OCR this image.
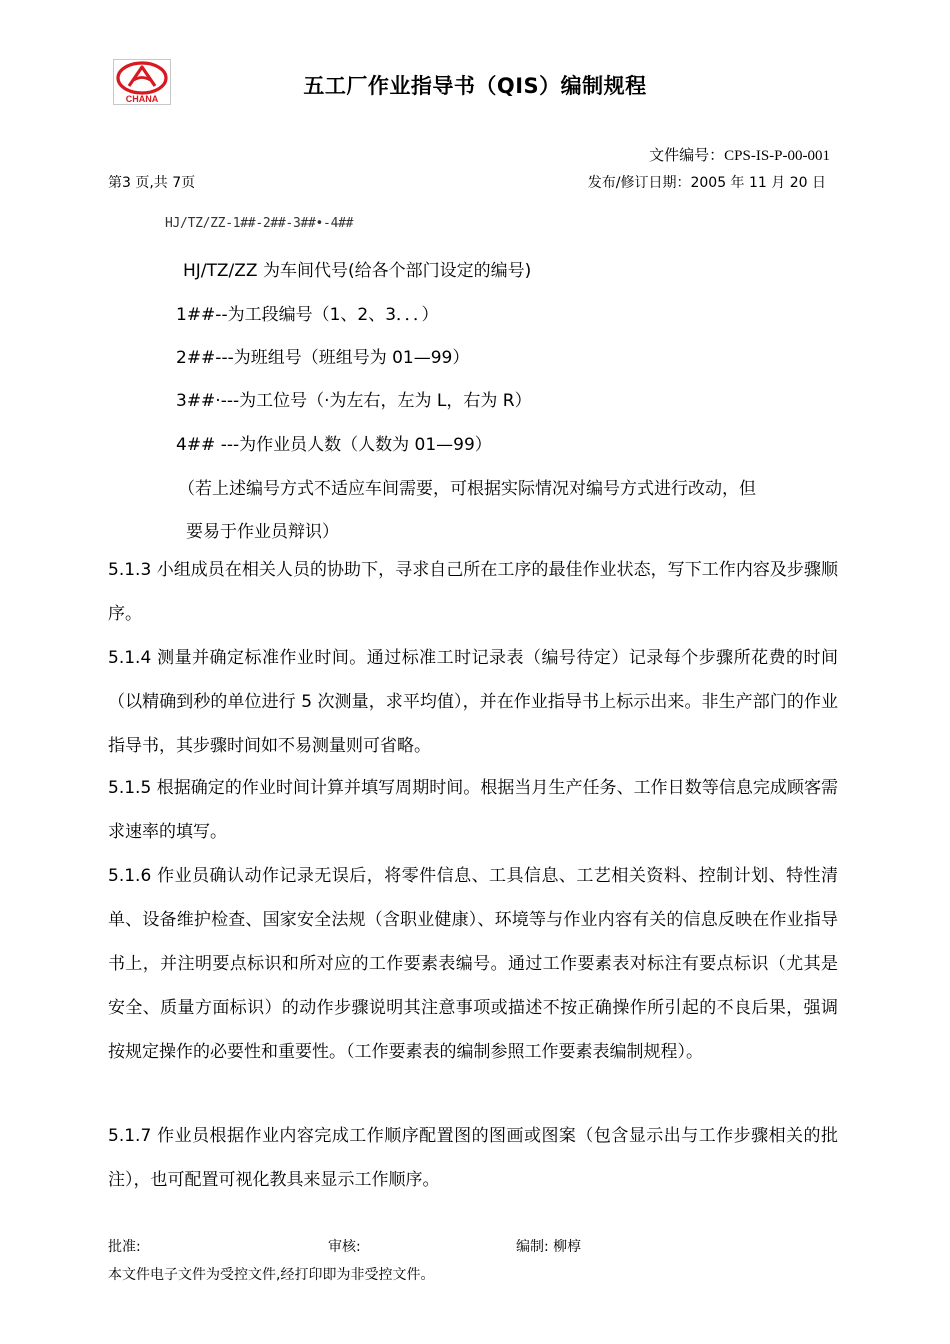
CHANA
五工厂作业指导书（QIS）编制规程
文件编号：CPS-IS-P-00-001
第3 页,共 7页	发布/修订日期：2005 年 11 月 20 日
HJ/TZ/ZZ-1##-2##-3##•-4##
HJ/TZ/ZZ 为车间代号(给各个部门设定的编号)
1##--为工段编号（1、2、3．．．）
2##---为班组号（班组号为 01—99）
3##·---为工位号（·为左右，左为 L，右为 R）
4## ---为作业员人数（人数为 01—99）
（若上述编号方式不适应车间需要，可根据实际情况对编号方式进行改动，但
要易于作业员辩识）
5.1.3 小组成员在相关人员的协助下，寻求自己所在工序的最佳作业状态，写下工作内容及步骤顺序。
5.1.4 测量并确定标准作业时间。通过标准工时记录表（编号待定）记录每个步骤所花费的时间（以精确到秒的单位进行 5 次测量，求平均值），并在作业指导书上标示出来。非生产部门的作业指导书，其步骤时间如不易测量则可省略。
5.1.5 根据确定的作业时间计算并填写周期时间。根据当月生产任务、工作日数等信息完成顾客需求速率的填写。
5.1.6 作业员确认动作记录无误后，将零件信息、工具信息、工艺相关资料、控制计划、特性清单、设备维护检查、国家安全法规（含职业健康）、环境等与作业内容有关的信息反映在作业指导书上，并注明要点标识和所对应的工作要素表编号。通过工作要素表对标注有要点标识（尤其是安全、质量方面标识）的动作步骤说明其注意事项或描述不按正确操作所引起的不良后果，强调按规定操作的必要性和重要性。（工作要素表的编制参照工作要素表编制规程）。
5.1.7 作业员根据作业内容完成工作顺序配置图的图画或图案（包含显示出与工作步骤相关的批注），也可配置可视化教具来显示工作顺序。
批准:	审核:	编制: 柳椁
本文件电子文件为受控文件,经打印即为非受控文件。
